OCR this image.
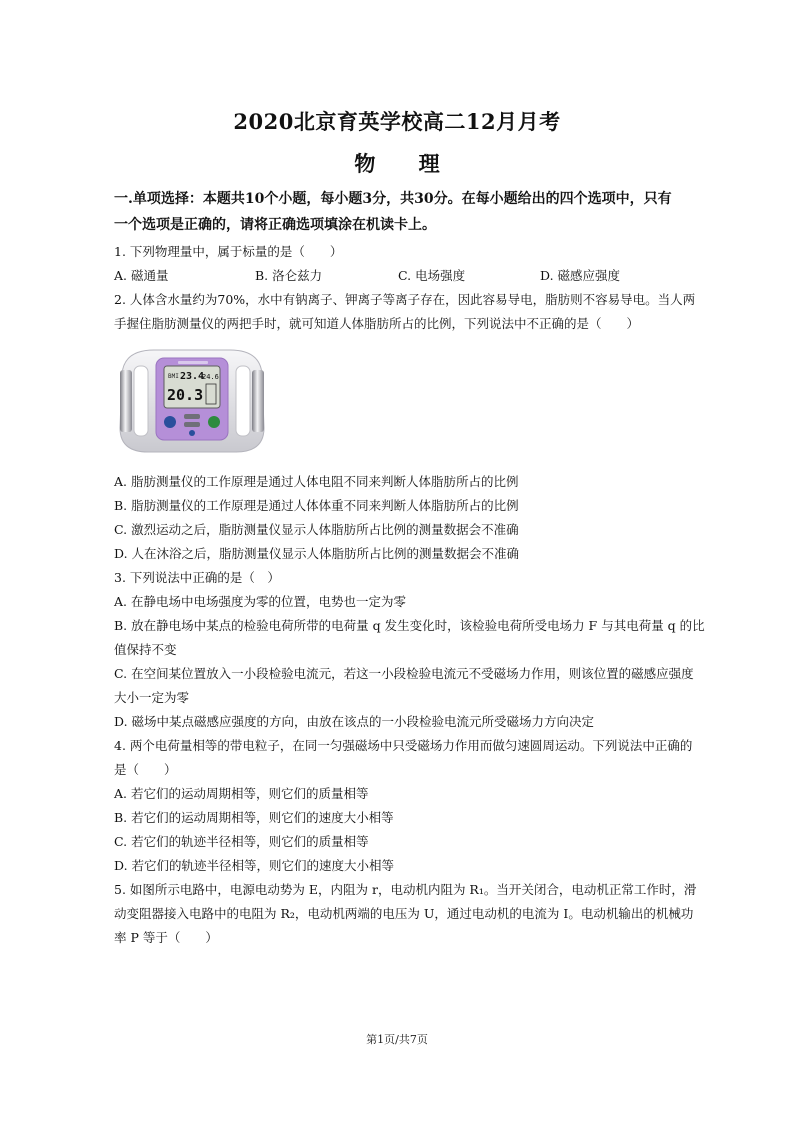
2020北京育英学校高二12月月考
物 理
一.单项选择：本题共10个小题，每小题3分，共30分。在每小题给出的四个选项中，只有
一个选项是正确的，请将正确选项填涂在机读卡上。
1. 下列物理量中，属于标量的是（　　）
A. 磁通量	B. 洛仑兹力	C. 电场强度	D. 磁感应强度
2. 人体含水量约为70%，水中有钠离子、钾离子等离子存在，因此容易导电，脂肪则不容易导电。当人两
手握住脂肪测量仪的两把手时，就可知道人体脂肪所占的比例，下列说法中不正确的是（　　）
BMI 23.4
24.6
20.3
A. 脂肪测量仪的工作原理是通过人体电阻不同来判断人体脂肪所占的比例
B. 脂肪测量仪的工作原理是通过人体体重不同来判断人体脂肪所占的比例
C. 激烈运动之后，脂肪测量仪显示人体脂肪所占比例的测量数据会不准确
D. 人在沐浴之后，脂肪测量仪显示人体脂肪所占比例的测量数据会不准确
3. 下列说法中正确的是（　）
A. 在静电场中电场强度为零的位置，电势也一定为零
B. 放在静电场中某点的检验电荷所带的电荷量 q 发生变化时，该检验电荷所受电场力 F 与其电荷量 q 的比
值保持不变
C. 在空间某位置放入一小段检验电流元，若这一小段检验电流元不受磁场力作用，则该位置的磁感应强度
大小一定为零
D. 磁场中某点磁感应强度的方向，由放在该点的一小段检验电流元所受磁场力方向决定
4. 两个电荷量相等的带电粒子，在同一匀强磁场中只受磁场力作用而做匀速圆周运动。下列说法中正确的
是（　　）
A. 若它们的运动周期相等，则它们的质量相等
B. 若它们的运动周期相等，则它们的速度大小相等
C. 若它们的轨迹半径相等，则它们的质量相等
D. 若它们的轨迹半径相等，则它们的速度大小相等
5. 如图所示电路中，电源电动势为 E，内阻为 r，电动机内阻为 R₁。当开关闭合，电动机正常工作时，滑
动变阻器接入电路中的电阻为 R₂，电动机两端的电压为 U，通过电动机的电流为 I。电动机输出的机械功
率 P 等于（　　）
第1页/共7页
